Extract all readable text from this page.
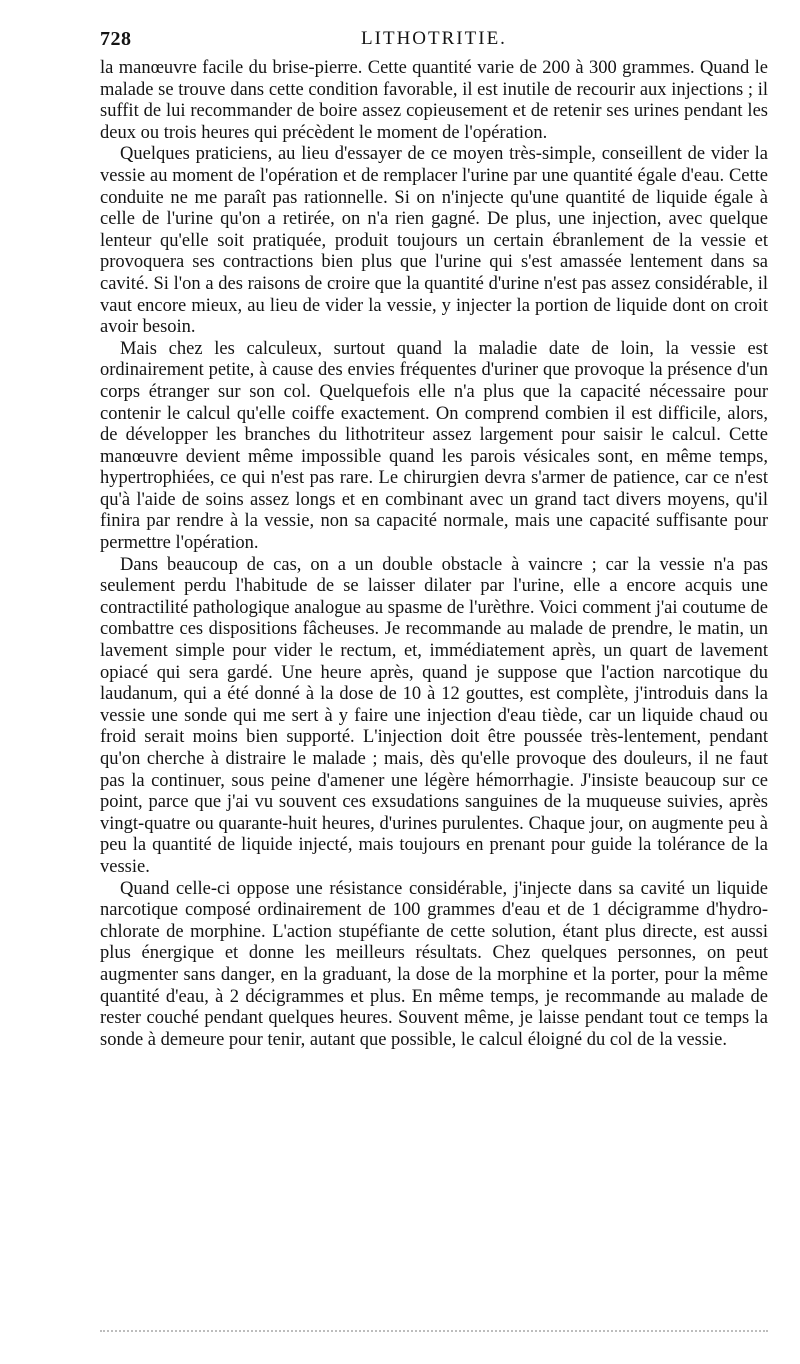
728	LITHOTRITIE.

la manœuvre facile du brise-pierre. Cette quantité varie de 200 à 300 grammes. Quand le malade se trouve dans cette condition favorable, il est inutile de recourir aux injections ; il suffit de lui recommander de boire assez copieusement et de retenir ses urines pendant les deux ou trois heures qui précèdent le moment de l'opération.

Quelques praticiens, au lieu d'essayer de ce moyen très-simple, conseillent de vider la vessie au moment de l'opération et de remplacer l'urine par une quantité égale d'eau. Cette conduite ne me paraît pas rationnelle. Si on n'injecte qu'une quantité de liquide égale à celle de l'urine qu'on a retirée, on n'a rien gagné. De plus, une injection, avec quelque lenteur qu'elle soit pratiquée, produit toujours un certain ébranlement de la vessie et provoquera ses contractions bien plus que l'urine qui s'est amassée lentement dans sa cavité. Si l'on a des raisons de croire que la quantité d'urine n'est pas assez considérable, il vaut encore mieux, au lieu de vider la vessie, y injecter la portion de liquide dont on croit avoir besoin.

Mais chez les calculeux, surtout quand la maladie date de loin, la vessie est ordinairement petite, à cause des envies fréquentes d'uriner que provoque la présence d'un corps étranger sur son col. Quelquefois elle n'a plus que la capacité nécessaire pour contenir le calcul qu'elle coiffe exactement. On comprend combien il est difficile, alors, de développer les branches du lithotriteur assez largement pour saisir le calcul. Cette manœuvre devient même impossible quand les parois vésicales sont, en même temps, hypertrophiées, ce qui n'est pas rare. Le chirurgien devra s'armer de patience, car ce n'est qu'à l'aide de soins assez longs et en combinant avec un grand tact divers moyens, qu'il finira par rendre à la vessie, non sa capacité normale, mais une capacité suffisante pour permettre l'opération.

Dans beaucoup de cas, on a un double obstacle à vaincre ; car la vessie n'a pas seulement perdu l'habitude de se laisser dilater par l'urine, elle a encore acquis une contractilité pathologique analogue au spasme de l'urèthre. Voici comment j'ai coutume de combattre ces dispositions fâcheuses. Je recommande au malade de prendre, le matin, un lavement simple pour vider le rectum, et, immédiatement après, un quart de lavement opiacé qui sera gardé. Une heure après, quand je suppose que l'action narcotique du laudanum, qui a été donné à la dose de 10 à 12 gouttes, est complète, j'introduis dans la vessie une sonde qui me sert à y faire une injection d'eau tiède, car un liquide chaud ou froid serait moins bien supporté. L'injection doit être poussée très-lentement, pendant qu'on cherche à distraire le malade ; mais, dès qu'elle provoque des douleurs, il ne faut pas la continuer, sous peine d'amener une légère hémorrhagie. J'insiste beaucoup sur ce point, parce que j'ai vu souvent ces exsudations sanguines de la muqueuse suivies, après vingt-quatre ou quarante-huit heures, d'urines purulentes. Chaque jour, on augmente peu à peu la quantité de liquide injecté, mais toujours en prenant pour guide la tolérance de la vessie.

Quand celle-ci oppose une résistance considérable, j'injecte dans sa cavité un liquide narcotique composé ordinairement de 100 grammes d'eau et de 1 décigramme d'hydro-chlorate de morphine. L'action stupéfiante de cette solution, étant plus directe, est aussi plus énergique et donne les meilleurs résultats. Chez quelques personnes, on peut augmenter sans danger, en la graduant, la dose de la morphine et la porter, pour la même quantité d'eau, à 2 décigrammes et plus. En même temps, je recommande au malade de rester couché pendant quelques heures. Souvent même, je laisse pendant tout ce temps la sonde à demeure pour tenir, autant que possible, le calcul éloigné du col de la vessie.
